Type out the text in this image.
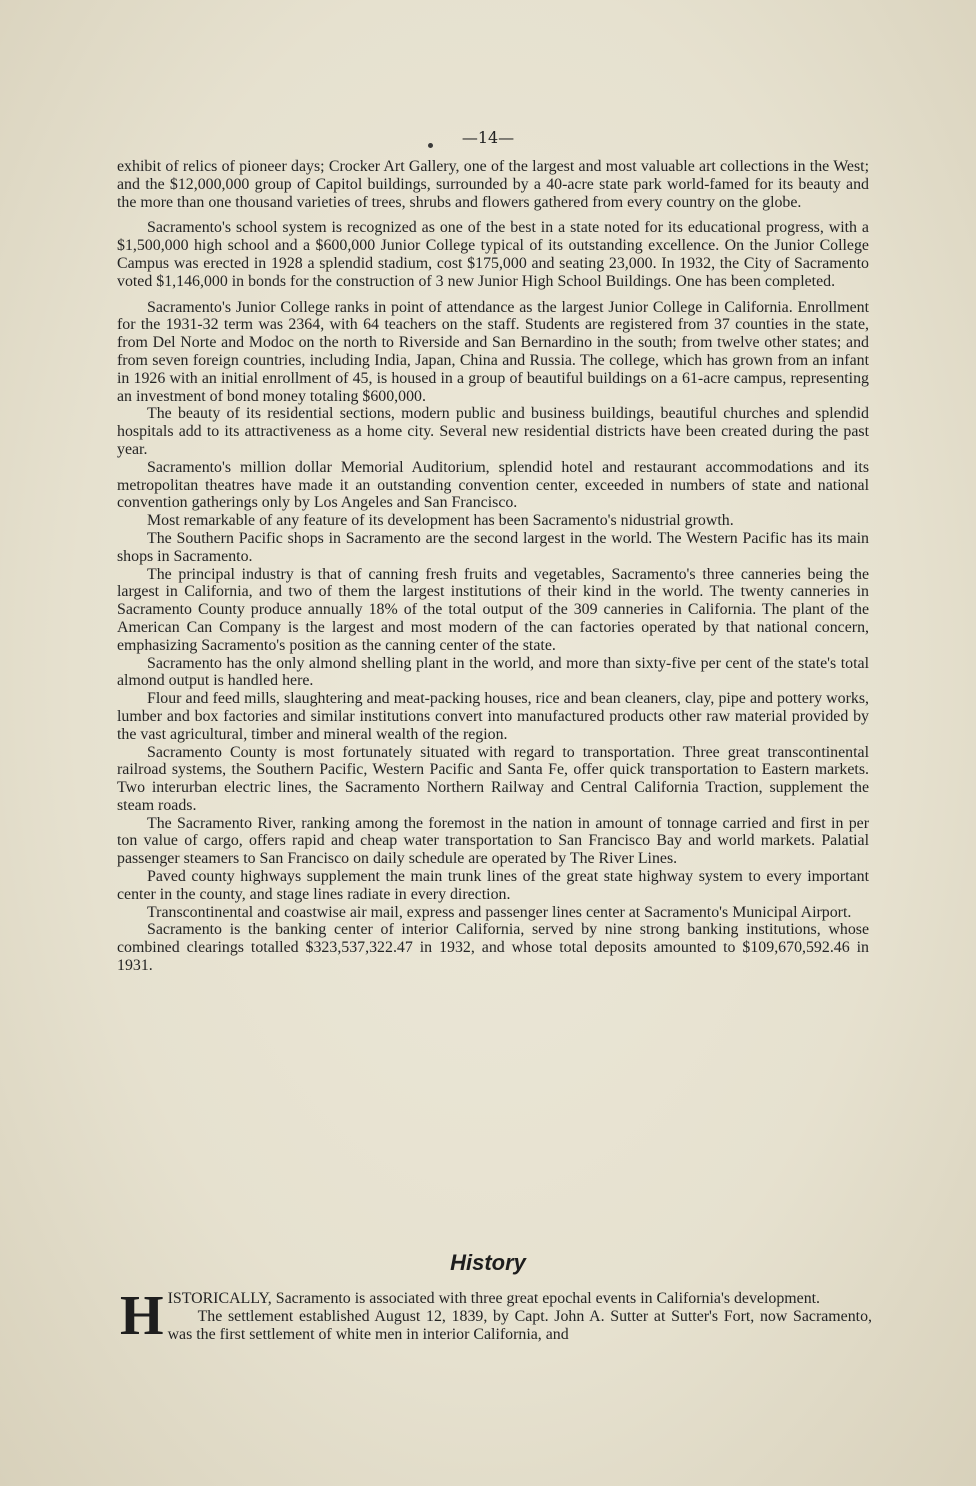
—14—

exhibit of relics of pioneer days; Crocker Art Gallery, one of the largest and most valuable art collections in the West; and the $12,000,000 group of Capitol buildings, surrounded by a 40-acre state park world-famed for its beauty and the more than one thousand varieties of trees, shrubs and flowers gathered from every country on the globe.

Sacramento's school system is recognized as one of the best in a state noted for its educational progress, with a $1,500,000 high school and a $600,000 Junior College typical of its outstanding excellence. On the Junior College Campus was erected in 1928 a splendid stadium, cost $175,000 and seating 23,000. In 1932, the City of Sacramento voted $1,146,000 in bonds for the construction of 3 new Junior High School Buildings. One has been completed.

Sacramento's Junior College ranks in point of attendance as the largest Junior College in California. Enrollment for the 1931-32 term was 2364, with 64 teachers on the staff. Students are registered from 37 counties in the state, from Del Norte and Modoc on the north to Riverside and San Bernardino in the south; from twelve other states; and from seven foreign countries, including India, Japan, China and Russia. The college, which has grown from an infant in 1926 with an initial enrollment of 45, is housed in a group of beautiful buildings on a 61-acre campus, representing an investment of bond money totaling $600,000.

The beauty of its residential sections, modern public and business buildings, beautiful churches and splendid hospitals add to its attractiveness as a home city. Several new residential districts have been created during the past year.

Sacramento's million dollar Memorial Auditorium, splendid hotel and restaurant accommodations and its metropolitan theatres have made it an outstanding convention center, exceeded in numbers of state and national convention gatherings only by Los Angeles and San Francisco.

Most remarkable of any feature of its development has been Sacramento's nidustrial growth.

The Southern Pacific shops in Sacramento are the second largest in the world. The Western Pacific has its main shops in Sacramento.

The principal industry is that of canning fresh fruits and vegetables, Sacramento's three canneries being the largest in California, and two of them the largest institutions of their kind in the world. The twenty canneries in Sacramento County produce annually 18% of the total output of the 309 canneries in California. The plant of the American Can Company is the largest and most modern of the can factories operated by that national concern, emphasizing Sacramento's position as the canning center of the state.

Sacramento has the only almond shelling plant in the world, and more than sixty-five per cent of the state's total almond output is handled here.

Flour and feed mills, slaughtering and meat-packing houses, rice and bean cleaners, clay, pipe and pottery works, lumber and box factories and similar institutions convert into manufactured products other raw material provided by the vast agricultural, timber and mineral wealth of the region.

Sacramento County is most fortunately situated with regard to transportation. Three great transcontinental railroad systems, the Southern Pacific, Western Pacific and Santa Fe, offer quick transportation to Eastern markets. Two interurban electric lines, the Sacramento Northern Railway and Central California Traction, supplement the steam roads.

The Sacramento River, ranking among the foremost in the nation in amount of tonnage carried and first in per ton value of cargo, offers rapid and cheap water transportation to San Francisco Bay and world markets. Palatial passenger steamers to San Francisco on daily schedule are operated by The River Lines.

Paved county highways supplement the main trunk lines of the great state highway system to every important center in the county, and stage lines radiate in every direction.

Transcontinental and coastwise air mail, express and passenger lines center at Sacramento's Municipal Airport.

Sacramento is the banking center of interior California, served by nine strong banking institutions, whose combined clearings totalled $323,537,322.47 in 1932, and whose total deposits amounted to $109,670,592.46 in 1931.

History
H ISTORICALLY, Sacramento is associated with three great epochal events in California's development.

The settlement established August 12, 1839, by Capt. John A. Sutter at Sutter's Fort, now Sacramento, was the first settlement of white men in interior California, and
